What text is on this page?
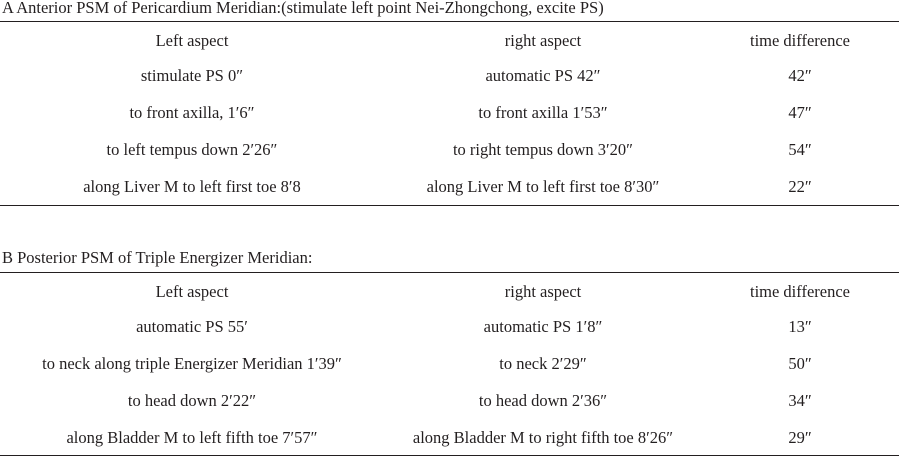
A Anterior PSM of Pericardium Meridian:(stimulate left point Nei-Zhongchong, excite PS)
Left aspect	right aspect	time difference
stimulate PS 0″	automatic PS 42″	42″
to front axilla, 1′6″	to front axilla 1′53″	47″
to left tempus down 2′26″	to right tempus down 3′20″	54″
along Liver M to left first toe 8′8	along Liver M to left first toe 8′30″	22″
B Posterior PSM of Triple Energizer Meridian:
Left aspect	right aspect	time difference
automatic PS 55′	automatic PS 1′8″	13″
to neck along triple Energizer Meridian 1′39″	to neck 2′29″	50″
to head down 2′22″	to head down 2′36″	34″
along Bladder M to left fifth toe 7′57″	along Bladder M to right fifth toe 8′26″	29″
